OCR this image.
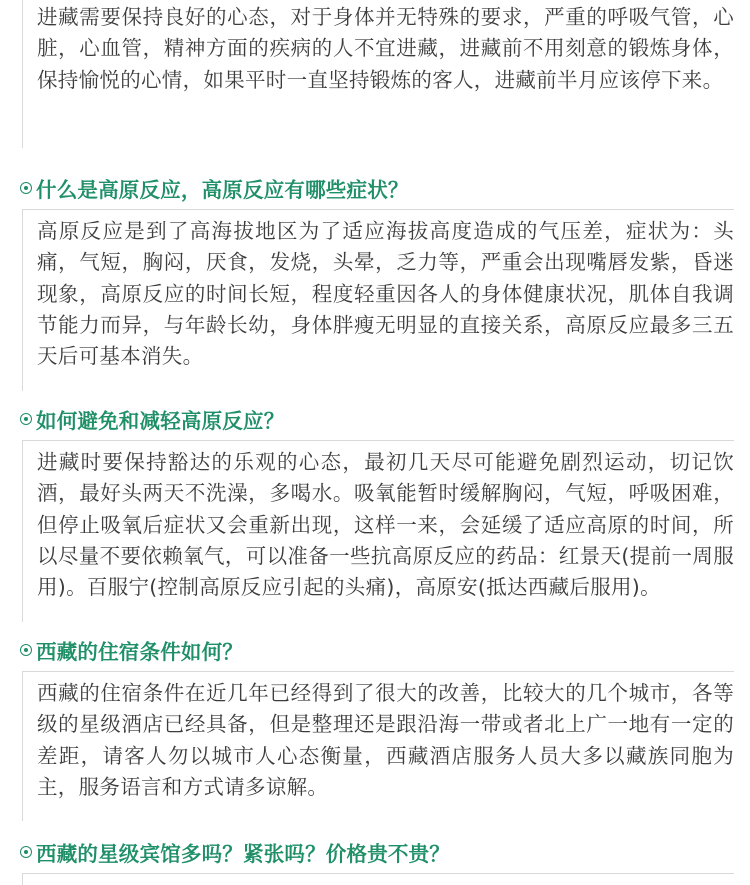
进藏需要保持良好的心态，对于身体并无特殊的要求，严重的呼吸气管，心脏，心血管，精神方面的疾病的人不宜进藏，进藏前不用刻意的锻炼身体，保持愉悦的心情，如果平时一直坚持锻炼的客人，进藏前半月应该停下来。

什么是高原反应，高原反应有哪些症状？

高原反应是到了高海拔地区为了适应海拔高度造成的气压差，症状为：头痛，气短，胸闷，厌食，发烧，头晕，乏力等，严重会出现嘴唇发紫，昏迷现象，高原反应的时间长短，程度轻重因各人的身体健康状况，肌体自我调节能力而异，与年龄长幼，身体胖瘦无明显的直接关系，高原反应最多三五天后可基本消失。

如何避免和减轻高原反应？

进藏时要保持豁达的乐观的心态，最初几天尽可能避免剧烈运动，切记饮酒，最好头两天不洗澡，多喝水。吸氧能暂时缓解胸闷，气短，呼吸困难，但停止吸氧后症状又会重新出现，这样一来，会延缓了适应高原的时间，所以尽量不要依赖氧气，可以准备一些抗高原反应的药品：红景天(提前一周服用)。百服宁(控制高原反应引起的头痛)，高原安(抵达西藏后服用)。

西藏的住宿条件如何？

西藏的住宿条件在近几年已经得到了很大的改善，比较大的几个城市，各等级的星级酒店已经具备，但是整理还是跟沿海一带或者北上广一地有一定的差距，请客人勿以城市人心态衡量，西藏酒店服务人员大多以藏族同胞为主，服务语言和方式请多谅解。

西藏的星级宾馆多吗？紧张吗？价格贵不贵？
